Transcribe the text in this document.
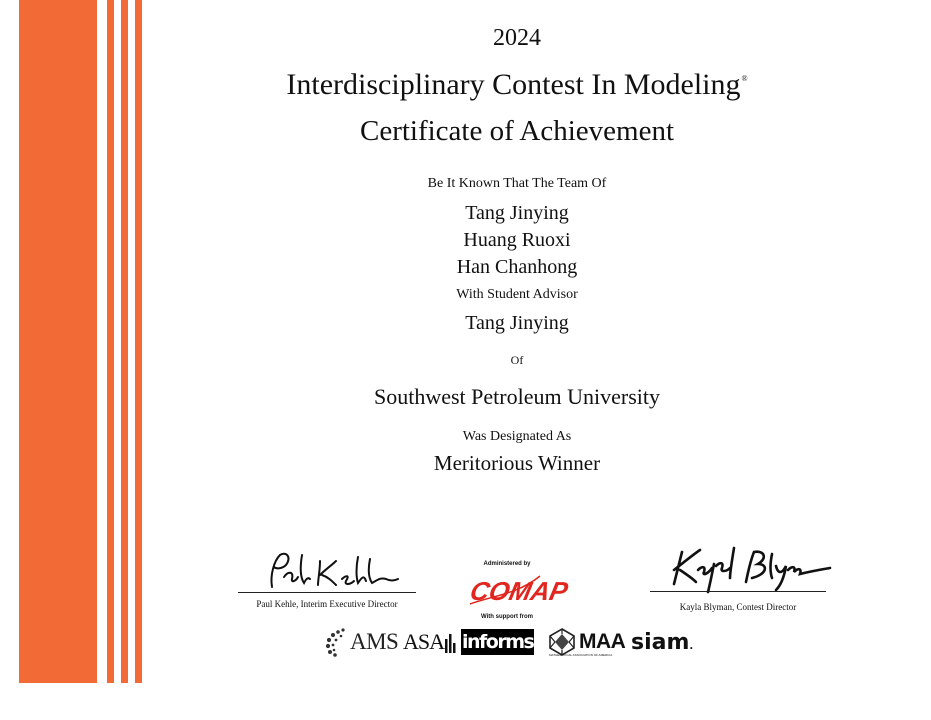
2024
Interdisciplinary Contest In Modeling®
Certificate of Achievement
Be It Known That The Team Of
Tang Jinying
Huang Ruoxi
Han Chanhong
With Student Advisor
Tang Jinying
Of
Southwest Petroleum University
Was Designated As
Meritorious Winner
Paul Kehle, Interim Executive Director	Kayla Blyman, Contest Director
Administered by
COMAP
With support from
AMS ASA informs MAA
MATHEMATICAL ASSOCIATION OF AMERICA
siam .
